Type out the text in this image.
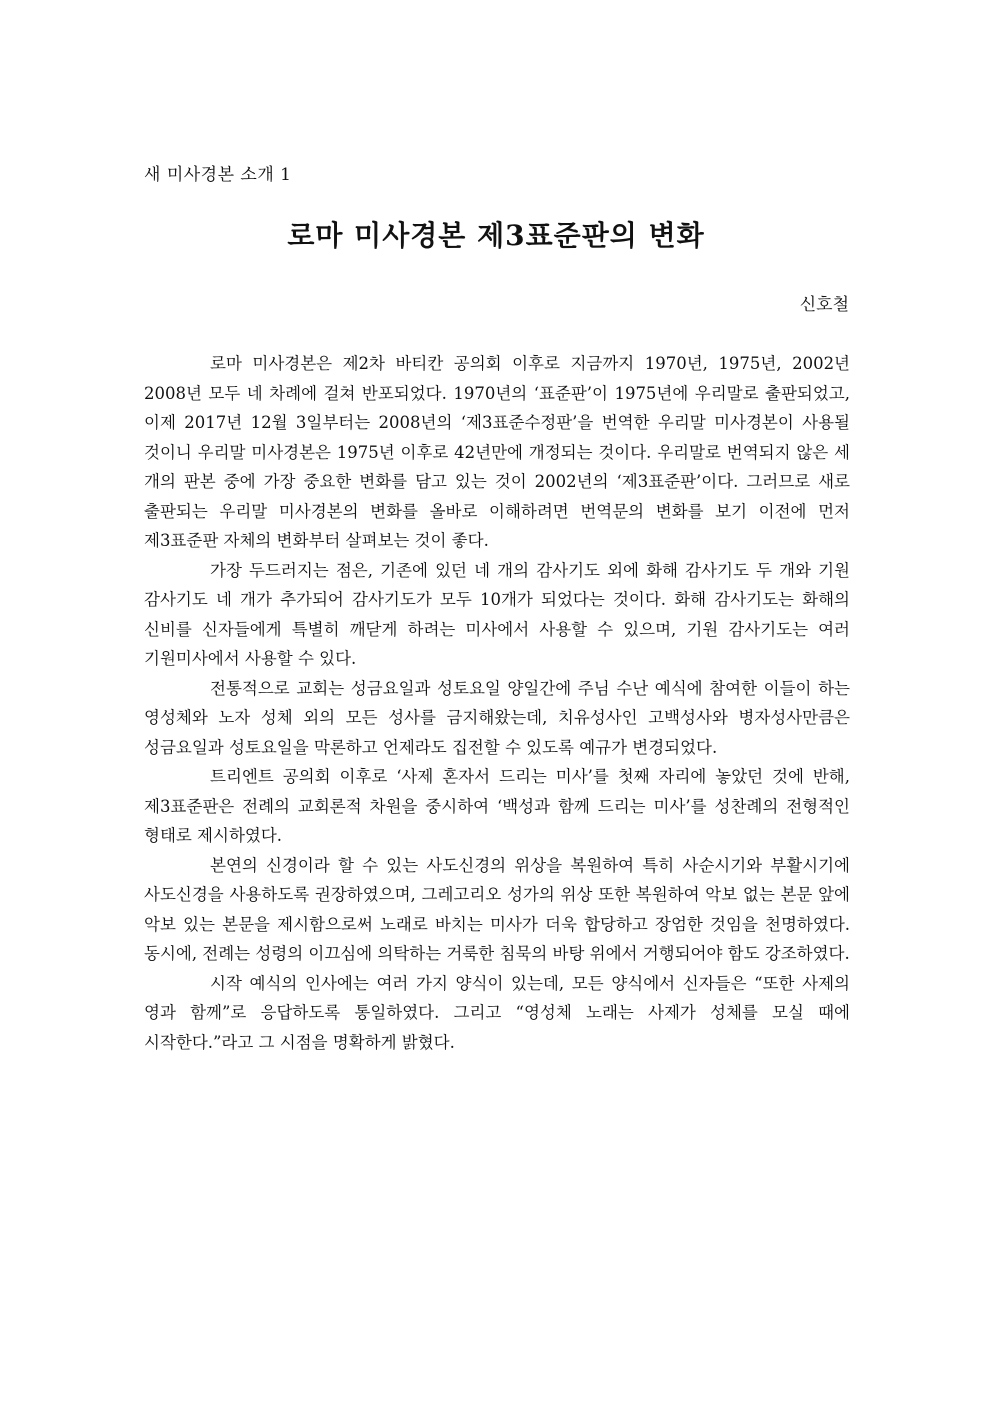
새 미사경본 소개 1
로마 미사경본 제3표준판의 변화
신호철

로마 미사경본은 제2차 바티칸 공의회 이후로 지금까지 1970년, 1975년, 2002년 2008년 모두 네 차례에 걸쳐 반포되었다. 1970년의 ‘표준판’이 1975년에 우리말로 출판되었고, 이제 2017년 12월 3일부터는 2008년의 ‘제3표준수정판’을 번역한 우리말 미사경본이 사용될 것이니 우리말 미사경본은 1975년 이후로 42년만에 개정되는 것이다. 우리말로 번역되지 않은 세 개의 판본 중에 가장 중요한 변화를 담고 있는 것이 2002년의 ‘제3표준판’이다. 그러므로 새로 출판되는 우리말 미사경본의 변화를 올바로 이해하려면 번역문의 변화를 보기 이전에 먼저 제3표준판 자체의 변화부터 살펴보는 것이 좋다.

가장 두드러지는 점은, 기존에 있던 네 개의 감사기도 외에 화해 감사기도 두 개와 기원 감사기도 네 개가 추가되어 감사기도가 모두 10개가 되었다는 것이다. 화해 감사기도는 화해의 신비를 신자들에게 특별히 깨닫게 하려는 미사에서 사용할 수 있으며, 기원 감사기도는 여러 기원미사에서 사용할 수 있다.

전통적으로 교회는 성금요일과 성토요일 양일간에 주님 수난 예식에 참여한 이들이 하는 영성체와 노자 성체 외의 모든 성사를 금지해왔는데, 치유성사인 고백성사와 병자성사만큼은 성금요일과 성토요일을 막론하고 언제라도 집전할 수 있도록 예규가 변경되었다.

트리엔트 공의회 이후로 ‘사제 혼자서 드리는 미사’를 첫째 자리에 놓았던 것에 반해, 제3표준판은 전례의 교회론적 차원을 중시하여 ‘백성과 함께 드리는 미사’를 성찬례의 전형적인 형태로 제시하였다.

본연의 신경이라 할 수 있는 사도신경의 위상을 복원하여 특히 사순시기와 부활시기에 사도신경을 사용하도록 권장하였으며, 그레고리오 성가의 위상 또한 복원하여 악보 없는 본문 앞에 악보 있는 본문을 제시함으로써 노래로 바치는 미사가 더욱 합당하고 장엄한 것임을 천명하였다. 동시에, 전례는 성령의 이끄심에 의탁하는 거룩한 침묵의 바탕 위에서 거행되어야 함도 강조하였다.

시작 예식의 인사에는 여러 가지 양식이 있는데, 모든 양식에서 신자들은 “또한 사제의 영과 함께”로 응답하도록 통일하였다. 그리고 “영성체 노래는 사제가 성체를 모실 때에 시작한다.”라고 그 시점을 명확하게 밝혔다.
